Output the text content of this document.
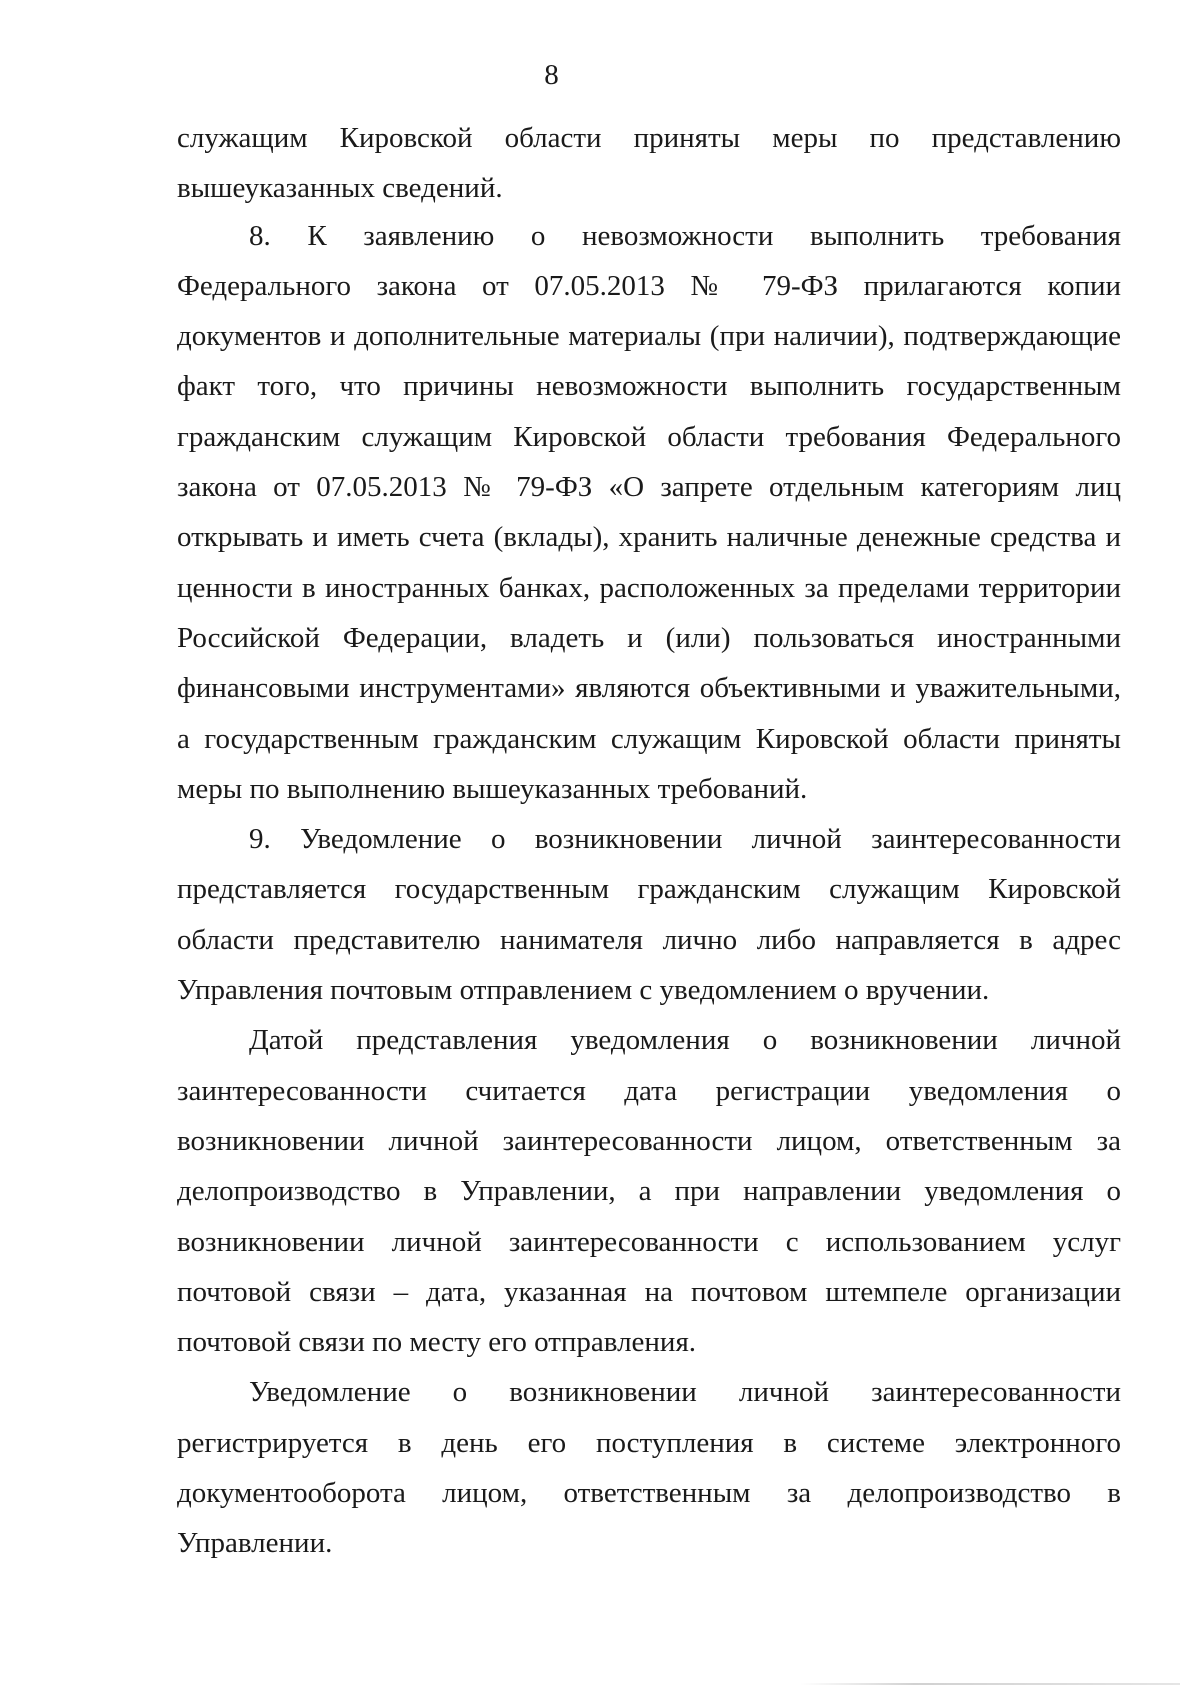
8

служащим Кировской области приняты меры по представлению вышеуказанных сведений.

8. К заявлению о невозможности выполнить требования Федерального закона от 07.05.2013 № 79-ФЗ прилагаются копии документов и дополнительные материалы (при наличии), подтверждающие факт того, что причины невозможности выполнить государственным гражданским служащим Кировской области требования Федерального закона от 07.05.2013 № 79-ФЗ «О запрете отдельным категориям лиц открывать и иметь счета (вклады), хранить наличные денежные средства и ценности в иностранных банках, расположенных за пределами территории Российской Федерации, владеть и (или) пользоваться иностранными финансовыми инструментами» являются объективными и уважительными, а государственным гражданским служащим Кировской области приняты меры по выполнению вышеуказанных требований.

9. Уведомление о возникновении личной заинтересованности представляется государственным гражданским служащим Кировской области представителю нанимателя лично либо направляется в адрес Управления почтовым отправлением с уведомлением о вручении.

Датой представления уведомления о возникновении личной заинтересованности считается дата регистрации уведомления о возникновении личной заинтересованности лицом, ответственным за делопроизводство в Управлении, а при направлении уведомления о возникновении личной заинтересованности с использованием услуг почтовой связи – дата, указанная на почтовом штемпеле организации почтовой связи по месту его отправления.

Уведомление о возникновении личной заинтересованности регистрируется в день его поступления в системе электронного документооборота лицом, ответственным за делопроизводство в Управлении.
